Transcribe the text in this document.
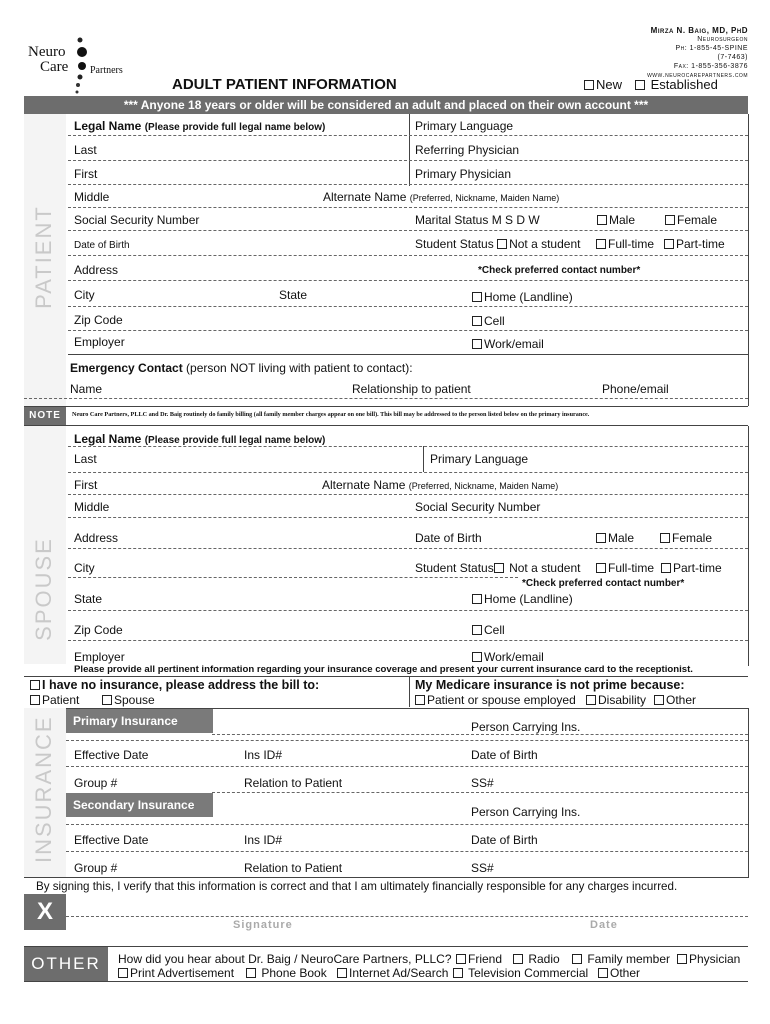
Neuro
Care Partners
Mirza N. Baig, MD, PhD
Neurosurgeon
Ph: 1-855-45-SPINE
(7-7463)
Fax: 1-855-356-3876
www.neurocarepartners.com
ADULT PATIENT INFORMATION	New	Established
*** Anyone 18 years or older will be considered an adult and placed on their own account ***
PATIENT
Legal Name (Please provide full legal name below)	Primary Language
Last	Referring Physician
First	Primary Physician
Middle	Alternate Name (Preferred, Nickname, Maiden Name)
Social Security Number	Marital Status M S D W	Male	Female
Date of Birth	Student Status Not a student	Full-time	Part-time
Address	*Check preferred contact number*
City	State	Home (Landline)
Zip Code	Cell
Employer	Work/email
Emergency Contact (person NOT living with patient to contact):
Name	Relationship to patient	Phone/email
NOTE	Neuro Care Partners, PLLC and Dr. Baig routinely do family billing (all family member charges appear on one bill). This bill may be addressed to the person listed below on the primary insurance.
SPOUSE
Legal Name (Please provide full legal name below)
Last	Primary Language
First	Alternate Name (Preferred, Nickname, Maiden Name)
Middle	Social Security Number
Address	Date of Birth	Male	Female
City	Student Status Not a student	Full-time	Part-time
*Check preferred contact number*
State	Home (Landline)
Zip Code	Cell
Employer	Work/email
Please provide all pertinent information regarding your insurance coverage and present your current insurance card to the receptionist.
I have no insurance, please address the bill to:
Patient	Spouse
My Medicare insurance is not prime because:
Patient or spouse employed	Disability	Other
INSURANCE	Primary Insurance	Person Carrying Ins.
Effective Date	Ins ID#	Date of Birth
Group #	Relation to Patient	SS#
Secondary Insurance	Person Carrying Ins.
Effective Date	Ins ID#	Date of Birth
Group #	Relation to Patient	SS#
By signing this, I verify that this information is correct and that I am ultimately financially responsible for any charges incurred.
X	Signature	Date
OTHER	How did you hear about Dr. Baig / NeuroCare Partners, PLLC?	Friend	Radio	Family member	Physician
Print Advertisement	Phone Book	Internet Ad/Search	Television Commercial	Other
